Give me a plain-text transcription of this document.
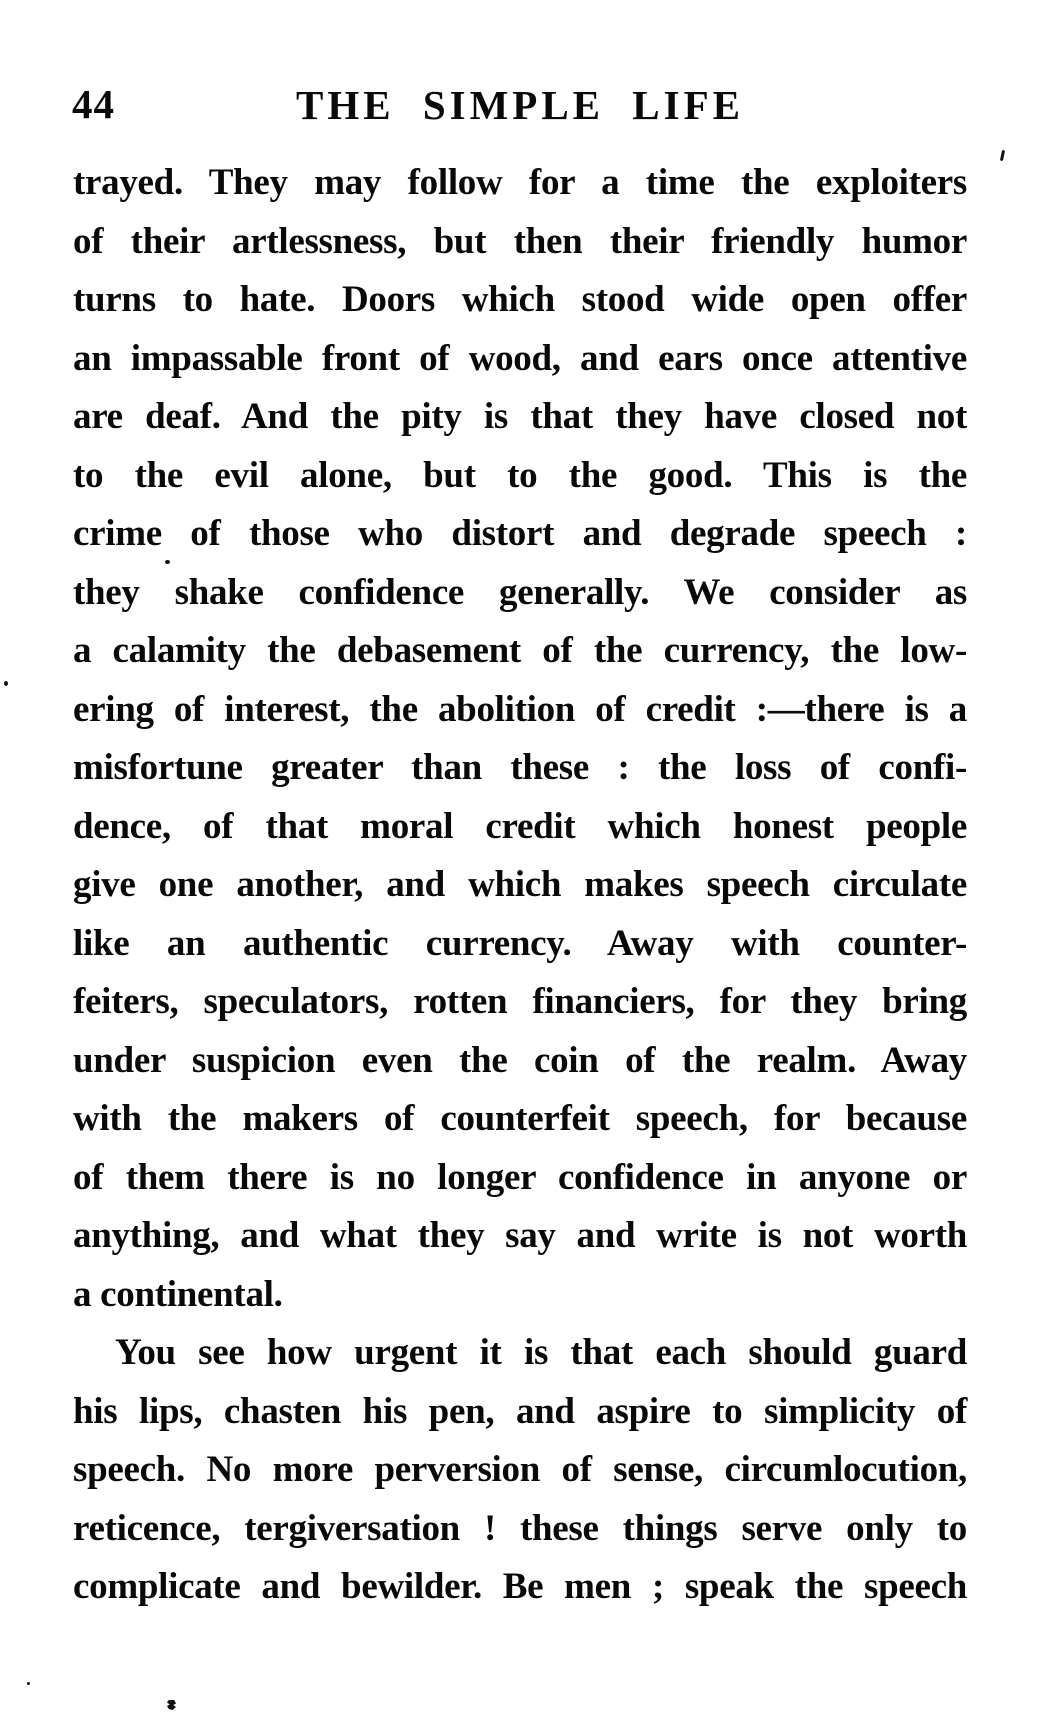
44	THE SIMPLE LIFE
trayed. They may follow for a time the exploiters
of their artlessness, but then their friendly humor
turns to hate. Doors which stood wide open offer
an impassable front of wood, and ears once attentive
are deaf. And the pity is that they have closed not
to the evil alone, but to the good. This is the
crime of those who distort and degrade speech :
they shake confidence generally. We consider as
a calamity the debasement of the currency, the low-
ering of interest, the abolition of credit :—there is a
misfortune greater than these : the loss of confi-
dence, of that moral credit which honest people
give one another, and which makes speech circulate
like an authentic currency. Away with counter-
feiters, speculators, rotten financiers, for they bring
under suspicion even the coin of the realm. Away
with the makers of counterfeit speech, for because
of them there is no longer confidence in anyone or
anything, and what they say and write is not worth
a continental.
You see how urgent it is that each should guard
his lips, chasten his pen, and aspire to simplicity of
speech. No more perversion of sense, circumlocution,
reticence, tergiversation ! these things serve only to
complicate and bewilder. Be men ; speak the speech
